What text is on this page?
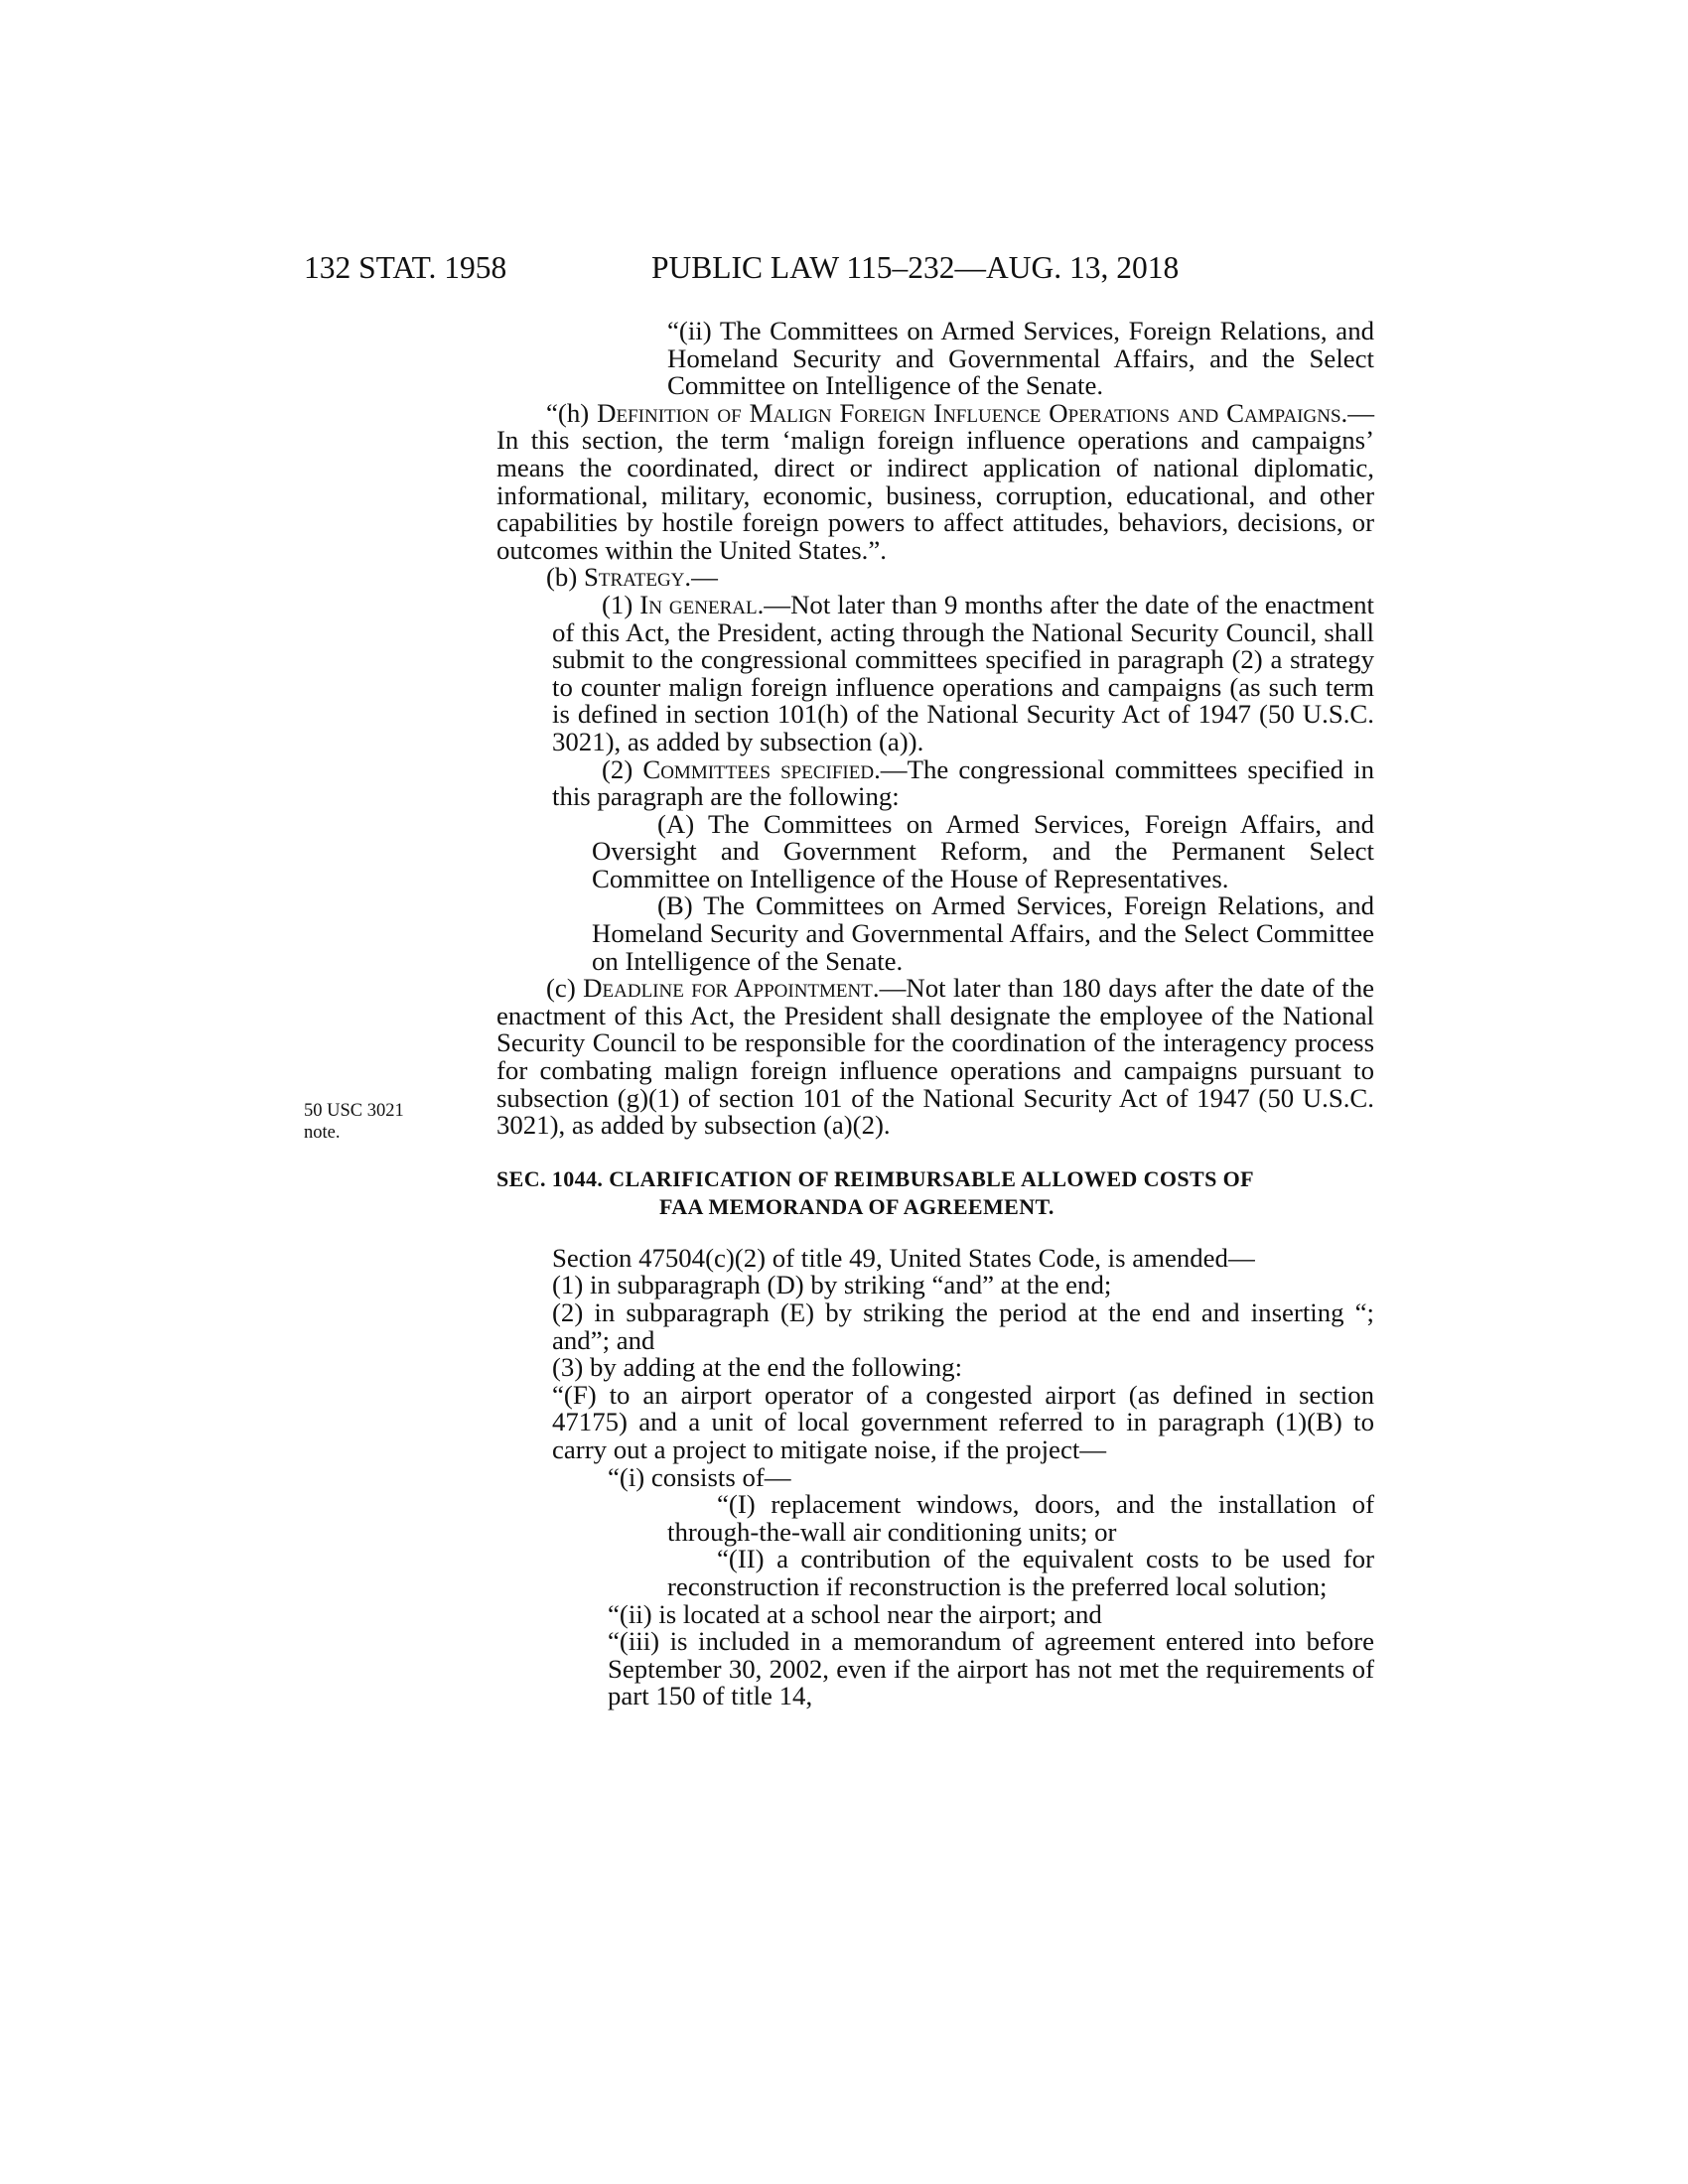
132 STAT. 1958	PUBLIC LAW 115–232—AUG. 13, 2018
50 USC 3021
note.

“(ii) The Committees on Armed Services, Foreign Relations, and Homeland Security and Governmental Affairs, and the Select Committee on Intelligence of the Senate.

“(h) Definition of Malign Foreign Influence Operations and Campaigns.—In this section, the term ‘malign foreign influence operations and campaigns’ means the coordinated, direct or indirect application of national diplomatic, informational, military, economic, business, corruption, educational, and other capabilities by hostile foreign powers to affect attitudes, behaviors, decisions, or outcomes within the United States.”.

(b) Strategy.—

(1) In general.—Not later than 9 months after the date of the enactment of this Act, the President, acting through the National Security Council, shall submit to the congressional committees specified in paragraph (2) a strategy to counter malign foreign influence operations and campaigns (as such term is defined in section 101(h) of the National Security Act of 1947 (50 U.S.C. 3021), as added by subsection (a)).

(2) Committees specified.—The congressional committees specified in this paragraph are the following:

(A) The Committees on Armed Services, Foreign Affairs, and Oversight and Government Reform, and the Permanent Select Committee on Intelligence of the House of Representatives.

(B) The Committees on Armed Services, Foreign Relations, and Homeland Security and Governmental Affairs, and the Select Committee on Intelligence of the Senate.

(c) Deadline for Appointment.—Not later than 180 days after the date of the enactment of this Act, the President shall designate the employee of the National Security Council to be responsible for the coordination of the interagency process for combating malign foreign influence operations and campaigns pursuant to subsection (g)(1) of section 101 of the National Security Act of 1947 (50 U.S.C. 3021), as added by subsection (a)(2).

SEC. 1044. CLARIFICATION OF REIMBURSABLE ALLOWED COSTS OF
FAA MEMORANDA OF AGREEMENT.

Section 47504(c)(2) of title 49, United States Code, is amended—

(1) in subparagraph (D) by striking “and” at the end;

(2) in subparagraph (E) by striking the period at the end and inserting “; and”; and

(3) by adding at the end the following:

“(F) to an airport operator of a congested airport (as defined in section 47175) and a unit of local government referred to in paragraph (1)(B) to carry out a project to mitigate noise, if the project—

“(i) consists of—

“(I) replacement windows, doors, and the installation of through-the-wall air conditioning units; or

“(II) a contribution of the equivalent costs to be used for reconstruction if reconstruction is the preferred local solution;

“(ii) is located at a school near the airport; and

“(iii) is included in a memorandum of agreement entered into before September 30, 2002, even if the airport has not met the requirements of part 150 of title 14,
